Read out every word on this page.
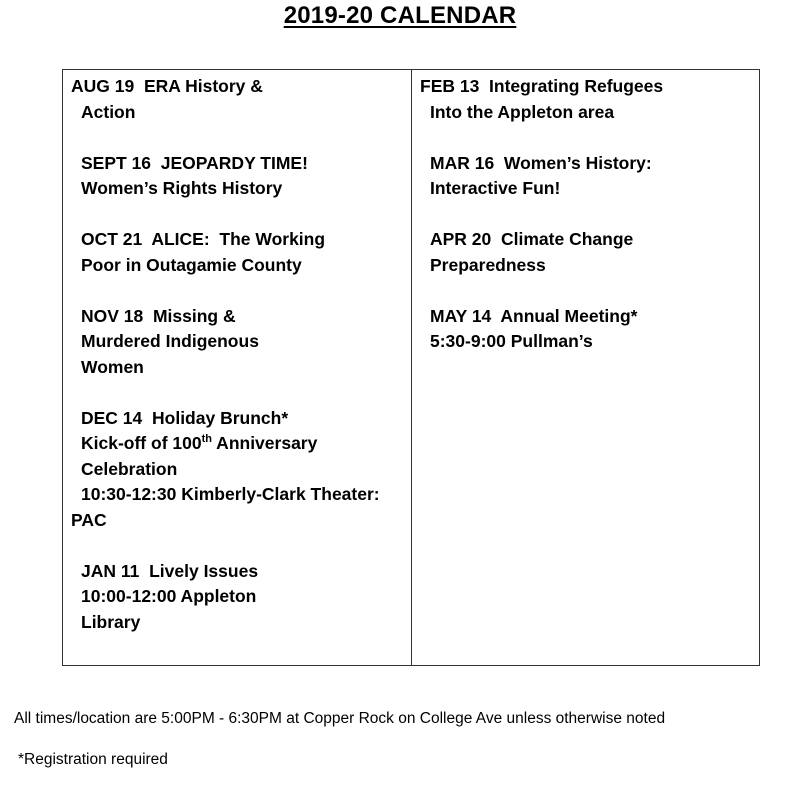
2019-20 CALENDAR
AUG 19  ERA History &
Action
SEPT 16  JEOPARDY TIME!
Women’s Rights History
OCT 21  ALICE:  The Working
Poor in Outagamie County
NOV 18  Missing &
Murdered Indigenous
Women
DEC 14  Holiday Brunch*
Kick-off of 100th Anniversary
Celebration
10:30-12:30 Kimberly-Clark Theater:
PAC
JAN 11  Lively Issues
10:00-12:00 Appleton
Library
FEB 13  Integrating Refugees
Into the Appleton area
MAR 16  Women’s History:
Interactive Fun!
APR 20  Climate Change
Preparedness
MAY 14  Annual Meeting*
5:30-9:00 Pullman’s
All times/location are 5:00PM - 6:30PM at Copper Rock on College Ave unless otherwise noted
*Registration required
